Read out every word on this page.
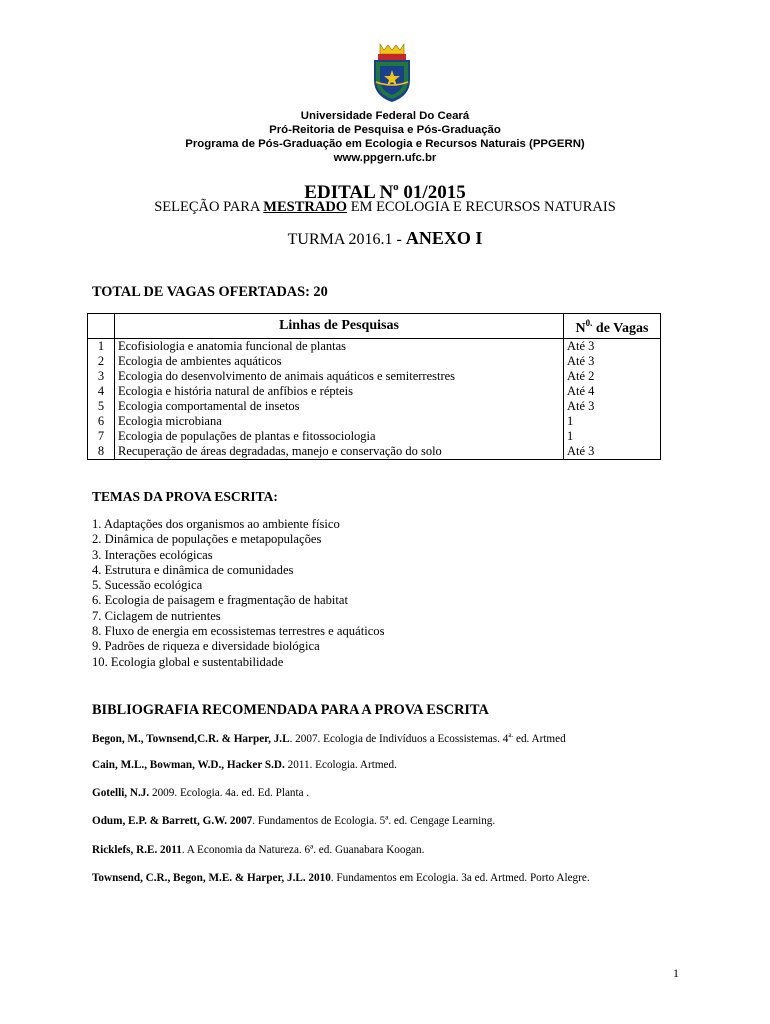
Universidade Federal Do Ceará
Pró-Reitoria de Pesquisa e Pós-Graduação
Programa de Pós-Graduação em Ecologia e Recursos Naturais (PPGERN)
www.ppgern.ufc.br
EDITAL $N^o$ 01/2015
SELEÇÃO PARA MESTRADO EM ECOLOGIA E RECURSOS NATURAIS
TURMA 2016.1 - ANEXO I
TOTAL DE VAGAS OFERTADAS: 20
	Linhas de Pesquisas	$N^{0.}$ de Vagas
1	Ecofisiologia e anatomia funcional de plantas	Até 3
2	Ecologia de ambientes aquáticos	Até 3
3	Ecologia do desenvolvimento de animais aquáticos e semiterrestres	Até 2
4	Ecologia e história natural de anfíbios e répteis	Até 4
5	Ecologia comportamental de insetos	Até 3
6	Ecologia microbiana	1
7	Ecologia de populações de plantas e fitossociologia	1
8	Recuperação de áreas degradadas, manejo e conservação do solo	Até 3
TEMAS DA PROVA ESCRITA:
1. Adaptações dos organismos ao ambiente físico
2. Dinâmica de populações e metapopulações
3. Interações ecológicas
4. Estrutura e dinâmica de comunidades
5. Sucessão ecológica
6. Ecologia de paisagem e fragmentação de habitat
7. Ciclagem de nutrientes
8. Fluxo de energia em ecossistemas terrestres e aquáticos
9. Padrões de riqueza e diversidade biológica
10. Ecologia global e sustentabilidade
BIBLIOGRAFIA RECOMENDADA PARA A PROVA ESCRITA
Begon, M., Townsend,C.R. & Harper, J.L. 2007. Ecologia de Indivíduos a Ecossistemas. $4^{a.}$ ed. Artmed
Cain, M.L., Bowman, W.D., Hacker S.D. 2011. Ecologia. Artmed.
Gotelli, N.J. 2009. Ecologia. 4a. ed. Ed. Planta .
Odum, E.P. & Barrett, G.W. 2007. Fundamentos de Ecologia. 5ª. ed. Cengage Learning.
Ricklefs, R.E. 2011. A Economia da Natureza. 6ª. ed. Guanabara Koogan.
Townsend, C.R., Begon, M.E. & Harper, J.L. 2010. Fundamentos em Ecologia. 3a ed. Artmed. Porto Alegre.
1
